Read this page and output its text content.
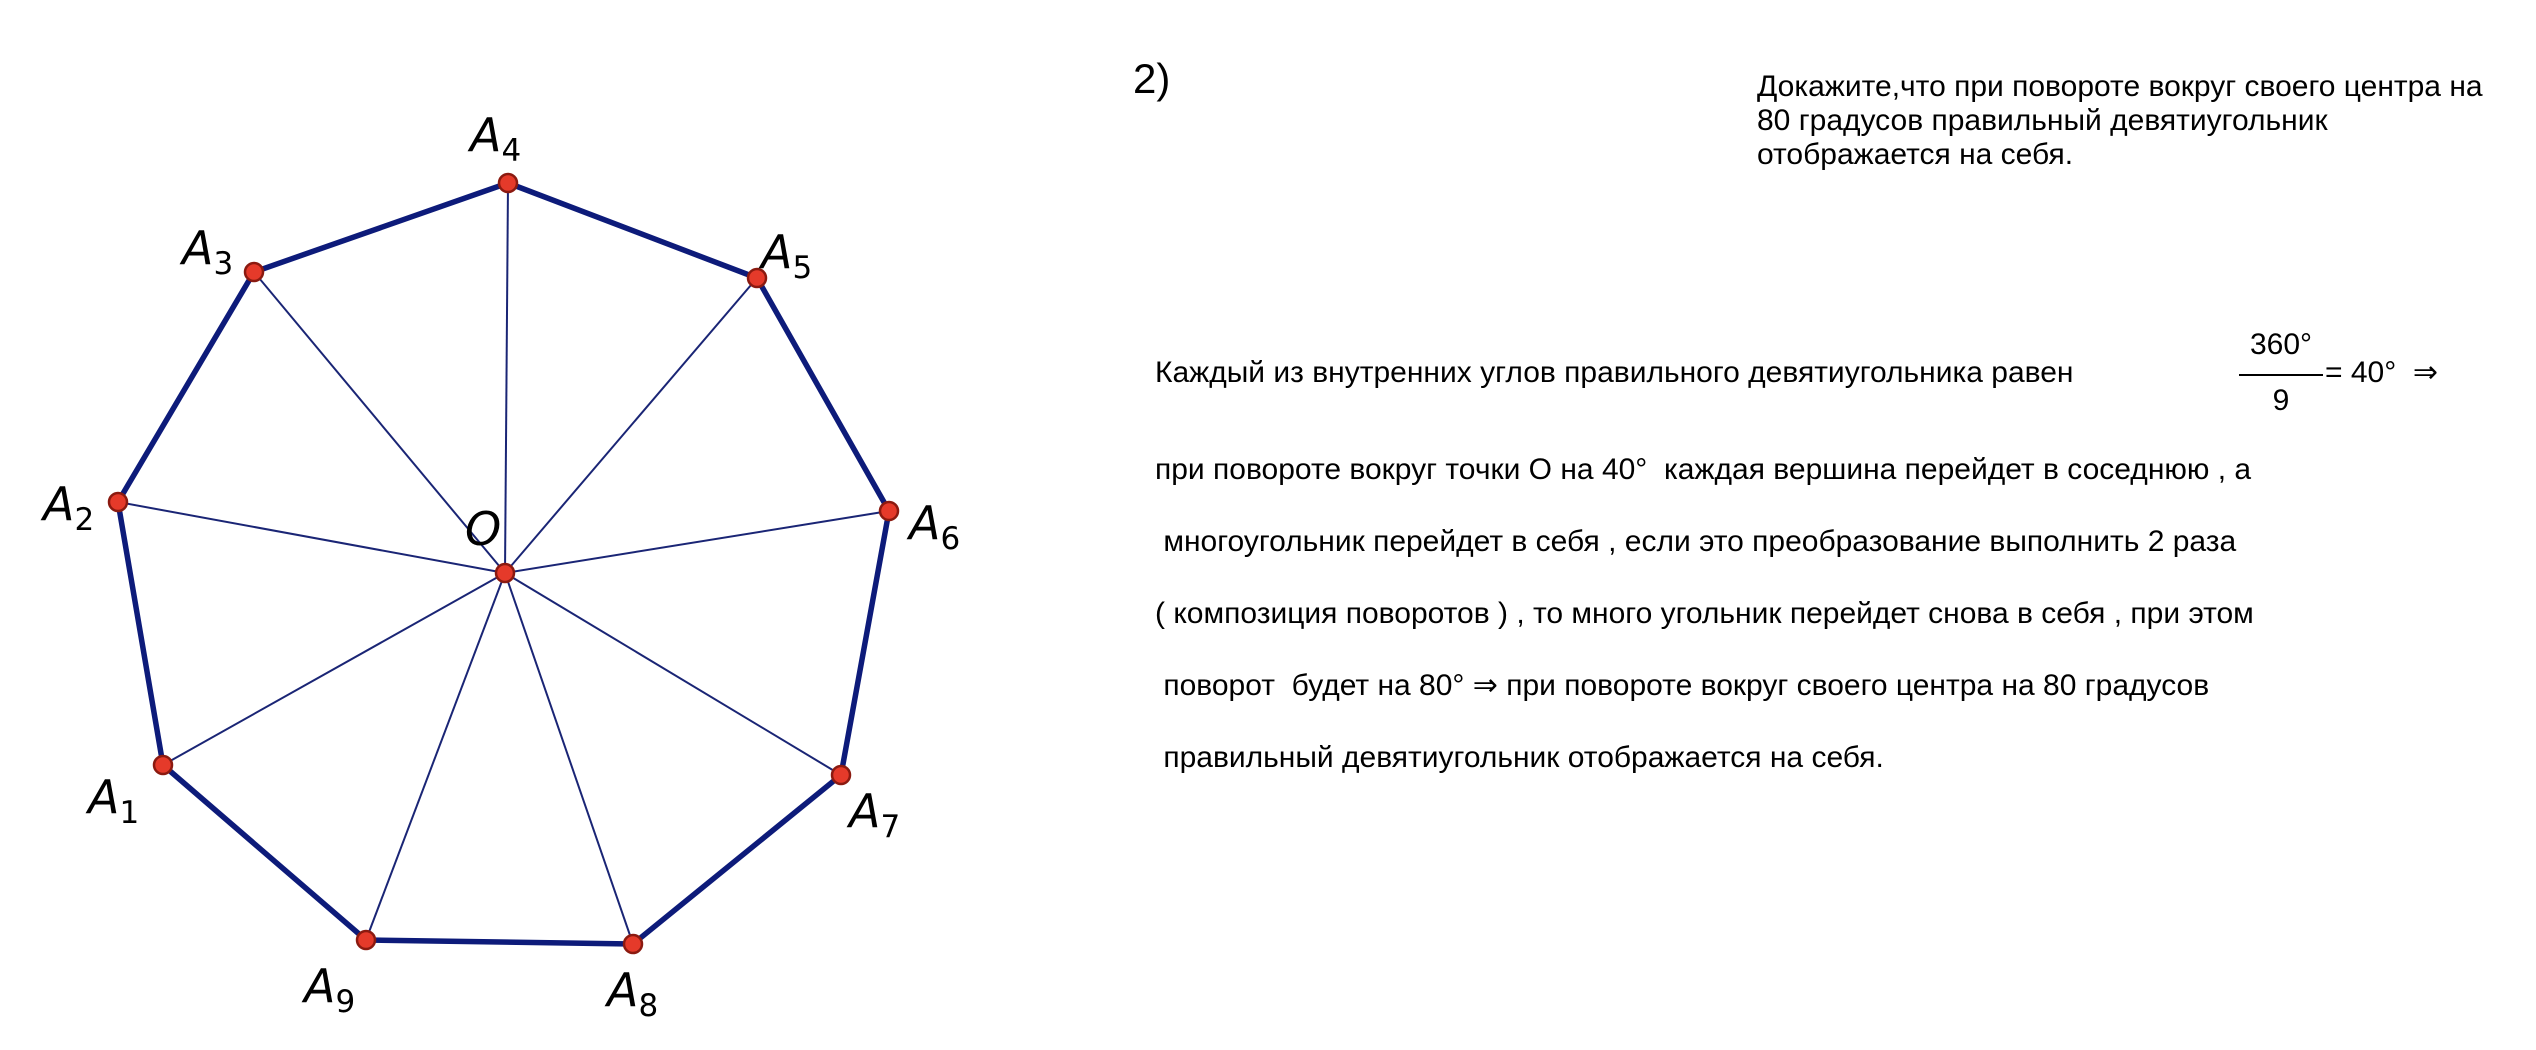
$A_1$
$A_2$
$A_3$
$A_4$
$A_5$
$A_6$
$A_7$
$A_8$
$A_9$
O
2)	Докажите,что при повороте вокруг своего центра на 80 градусов правильный девятиугольник отображается на себя.
Каждый из внутренних углов правильного девятиугольника равен
360°
9
= 40°  ⇒
при повороте вокруг точки О на 40°  каждая вершина перейдет в соседнюю , а
многоугольник перейдет в себя , если это преобразование выполнить 2 раза
( композиция поворотов ) , то много угольник перейдет снова в себя , при этом
поворот  будет на 80° ⇒ при повороте вокруг своего центра на 80 градусов
правильный девятиугольник отображается на себя.
